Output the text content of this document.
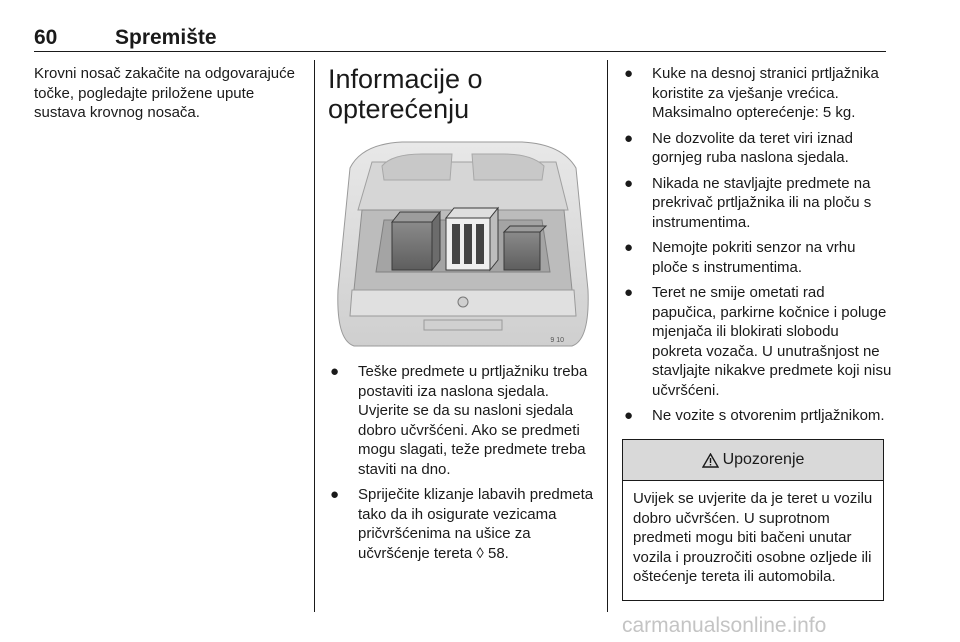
60	Spremište
Krovni nosač zakačite na odgovarajuće točke, pogledajte priložene upute sustava krovnog nosača.
Informacije o
opterećenju
● Teške predmete u prtljažniku treba postaviti iza naslona sjedala. Uvjerite se da su nasloni sjedala dobro učvršćeni. Ako se predmeti mogu slagati, teže predmete treba staviti na dno.
● Spriječite klizanje labavih predmeta tako da ih osigurate vezicama pričvršćenima na ušice za učvršćenje tereta ◊ 58.
9 10
● Kuke na desnoj stranici prtljažnika koristite za vješanje vrećica. Maksimalno opterećenje: 5 kg.
● Ne dozvolite da teret viri iznad gornjeg ruba naslona sjedala.
● Nikada ne stavljajte predmete na prekrivač prtljažnika ili na ploču s instrumentima.
● Nemojte pokriti senzor na vrhu ploče s instrumentima.
● Teret ne smije ometati rad papučica, parkirne kočnice i poluge mjenjača ili blokirati slobodu pokreta vozača. U unutrašnjost ne stavljajte nikakve predmete koji nisu učvršćeni.
● Ne vozite s otvorenim prtljažnikom.
Upozorenje
Uvijek se uvjerite da je teret u vozilu dobro učvršćen. U suprotnom predmeti mogu biti bačeni unutar vozila i prouzročiti osobne ozljede ili oštećenje tereta ili automobila.
carmanualsonline.info
